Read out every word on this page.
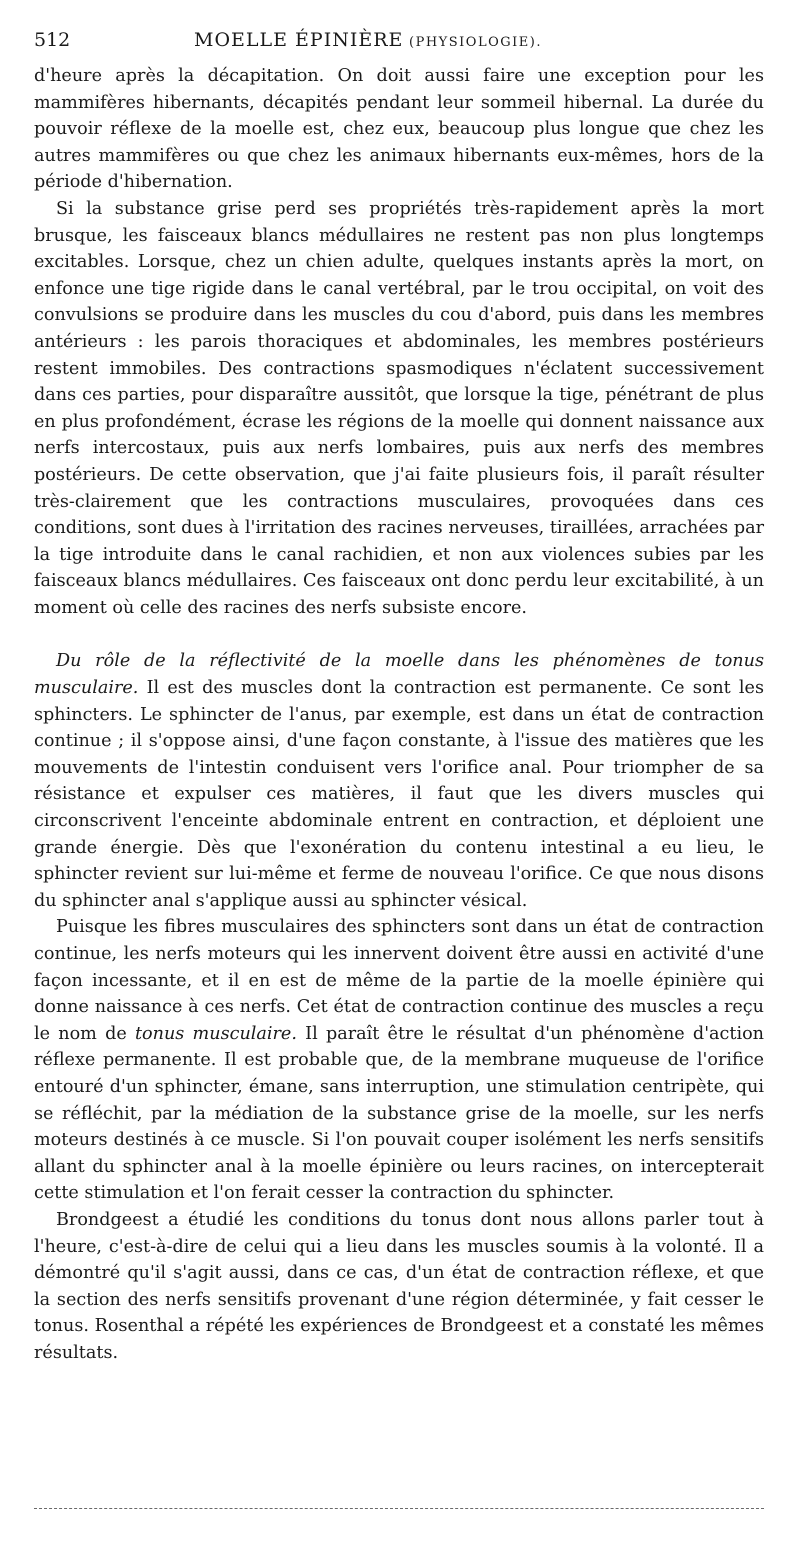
512	MOELLE ÉPINIÈRE (PHYSIOLOGIE).

d'heure après la décapitation. On doit aussi faire une exception pour les mammifères hibernants, décapités pendant leur sommeil hibernal. La durée du pouvoir réflexe de la moelle est, chez eux, beaucoup plus longue que chez les autres mammifères ou que chez les animaux hibernants eux-mêmes, hors de la période d'hibernation.

Si la substance grise perd ses propriétés très-rapidement après la mort brusque, les faisceaux blancs médullaires ne restent pas non plus longtemps excitables. Lorsque, chez un chien adulte, quelques instants après la mort, on enfonce une tige rigide dans le canal vertébral, par le trou occipital, on voit des convulsions se produire dans les muscles du cou d'abord, puis dans les membres antérieurs : les parois thoraciques et abdominales, les membres postérieurs restent immobiles. Des contractions spasmodiques n'éclatent successivement dans ces parties, pour disparaître aussitôt, que lorsque la tige, pénétrant de plus en plus profondément, écrase les régions de la moelle qui donnent naissance aux nerfs intercostaux, puis aux nerfs lombaires, puis aux nerfs des membres postérieurs. De cette observation, que j'ai faite plusieurs fois, il paraît résulter très-clairement que les contractions musculaires, provoquées dans ces conditions, sont dues à l'irritation des racines nerveuses, tiraillées, arrachées par la tige introduite dans le canal rachidien, et non aux violences subies par les faisceaux blancs médullaires. Ces faisceaux ont donc perdu leur excitabilité, à un moment où celle des racines des nerfs subsiste encore.

Du rôle de la réflectivité de la moelle dans les phénomènes de tonus musculaire. Il est des muscles dont la contraction est permanente. Ce sont les sphincters. Le sphincter de l'anus, par exemple, est dans un état de contraction continue ; il s'oppose ainsi, d'une façon constante, à l'issue des matières que les mouvements de l'intestin conduisent vers l'orifice anal. Pour triompher de sa résistance et expulser ces matières, il faut que les divers muscles qui circonscrivent l'enceinte abdominale entrent en contraction, et déploient une grande énergie. Dès que l'exonération du contenu intestinal a eu lieu, le sphincter revient sur lui-même et ferme de nouveau l'orifice. Ce que nous disons du sphincter anal s'applique aussi au sphincter vésical.

Puisque les fibres musculaires des sphincters sont dans un état de contraction continue, les nerfs moteurs qui les innervent doivent être aussi en activité d'une façon incessante, et il en est de même de la partie de la moelle épinière qui donne naissance à ces nerfs. Cet état de contraction continue des muscles a reçu le nom de tonus musculaire. Il paraît être le résultat d'un phénomène d'action réflexe permanente. Il est probable que, de la membrane muqueuse de l'orifice entouré d'un sphincter, émane, sans interruption, une stimulation centripète, qui se réfléchit, par la médiation de la substance grise de la moelle, sur les nerfs moteurs destinés à ce muscle. Si l'on pouvait couper isolément les nerfs sensitifs allant du sphincter anal à la moelle épinière ou leurs racines, on intercepterait cette stimulation et l'on ferait cesser la contraction du sphincter.

Brondgeest a étudié les conditions du tonus dont nous allons parler tout à l'heure, c'est-à-dire de celui qui a lieu dans les muscles soumis à la volonté. Il a démontré qu'il s'agit aussi, dans ce cas, d'un état de contraction réflexe, et que la section des nerfs sensitifs provenant d'une région déterminée, y fait cesser le tonus. Rosenthal a répété les expériences de Brondgeest et a constaté les mêmes résultats.
